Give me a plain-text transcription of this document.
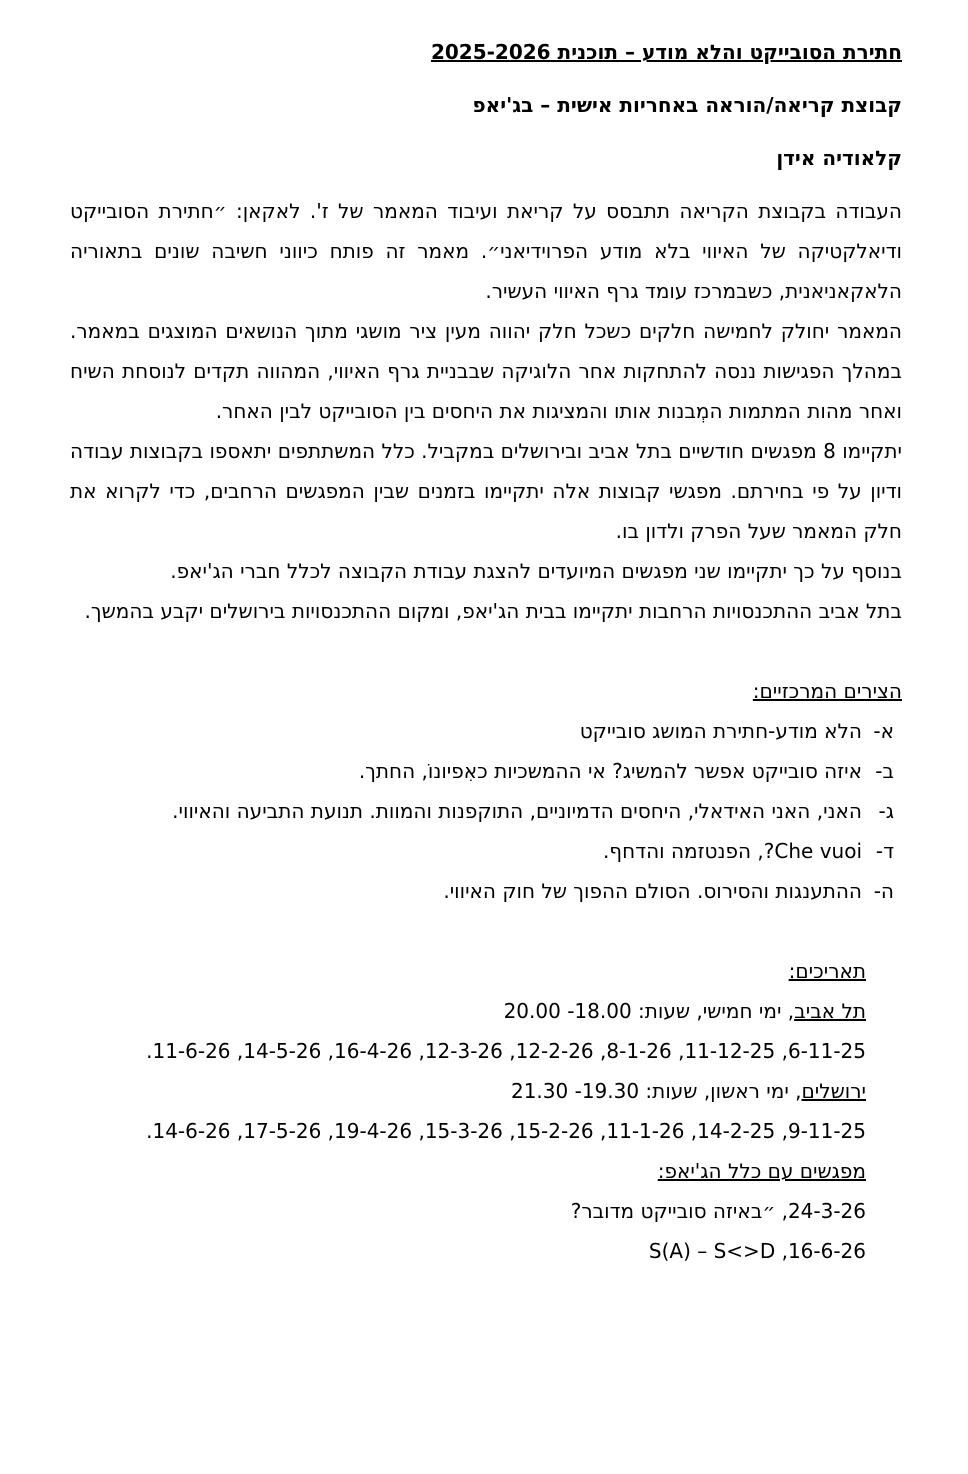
חתירת הסובייקט והלא מודע – תוכנית 2025-2026
קבוצת קריאה/הוראה באחריות אישית – בג'יאפ
קלאודיה אידן

העבודה בקבוצת הקריאה תתבסס על קריאת ועיבוד המאמר של ז'. לאקאן: ״חתירת הסובייקט ודיאלקטיקה של האיווי בלא מודע הפרוידיאני״. מאמר זה פותח כיווני חשיבה שונים בתאוריה הלאקאניאנית, כשבמרכז עומד גרף האיווי העשיר.

המאמר יחולק לחמישה חלקים כשכל חלק יהווה מעין ציר מושגי מתוך הנושאים המוצגים במאמר. במהלך הפגישות ננסה להתחקות אחר הלוגיקה שבבניית גרף האיווי, המהווה תקדים לנוסחת השיח ואחר מהות המתמות המְבנות אותו והמציגות את היחסים בין הסובייקט לבין האחר.

יתקיימו 8 מפגשים חודשיים בתל אביב ובירושלים במקביל. כלל המשתתפים יתאספו בקבוצות עבודה ודיון על פי בחירתם. מפגשי קבוצות אלה יתקיימו בזמנים שבין המפגשים הרחבים, כדי לקרוא את חלק המאמר שעל הפרק ולדון בו.

בנוסף על כך יתקיימו שני מפגשים המיועדים להצגת עבודת הקבוצה לכלל חברי הג'יאפ.

בתל אביב ההתכנסויות הרחבות יתקיימו בבית הג'יאפ, ומקום ההתכנסויות בירושלים יקבע בהמשך.

הצירים המרכזיים:
א-
הלא מודע-חתירת המושג סובייקט
ב-
איזה סובייקט אפשר להמשיג? אי ההמשכיות כאִפיונוֹ, החתך.
ג-
האני, האני האידאלי, היחסים הדמיוניים, התוקפנות והמוות. תנועת התביעה והאיווי.
ד-
Che vuoi?, הפנטזמה והדחף.
ה-
ההתענגות והסירוס. הסולם ההפוך של חוק האיווי.
תאריכים:
תל אביב, ימי חמישי, שעות: 18.00- 20.00
6-11-25, 11-12-25, 8-1-26, 12-2-26, 12-3-26, 16-4-26, 14-5-26, 11-6-26.
ירושלים, ימי ראשון, שעות: 19.30- 21.30
9-11-25, 14-2-25, 11-1-26, 15-2-26, 15-3-26, 19-4-26, 17-5-26, 14-6-26.
מפגשים עם כלל הג'יאפ:
24-3-26, ״באיזה סובייקט מדובר?
16-6-26, S(A) – S<>D
